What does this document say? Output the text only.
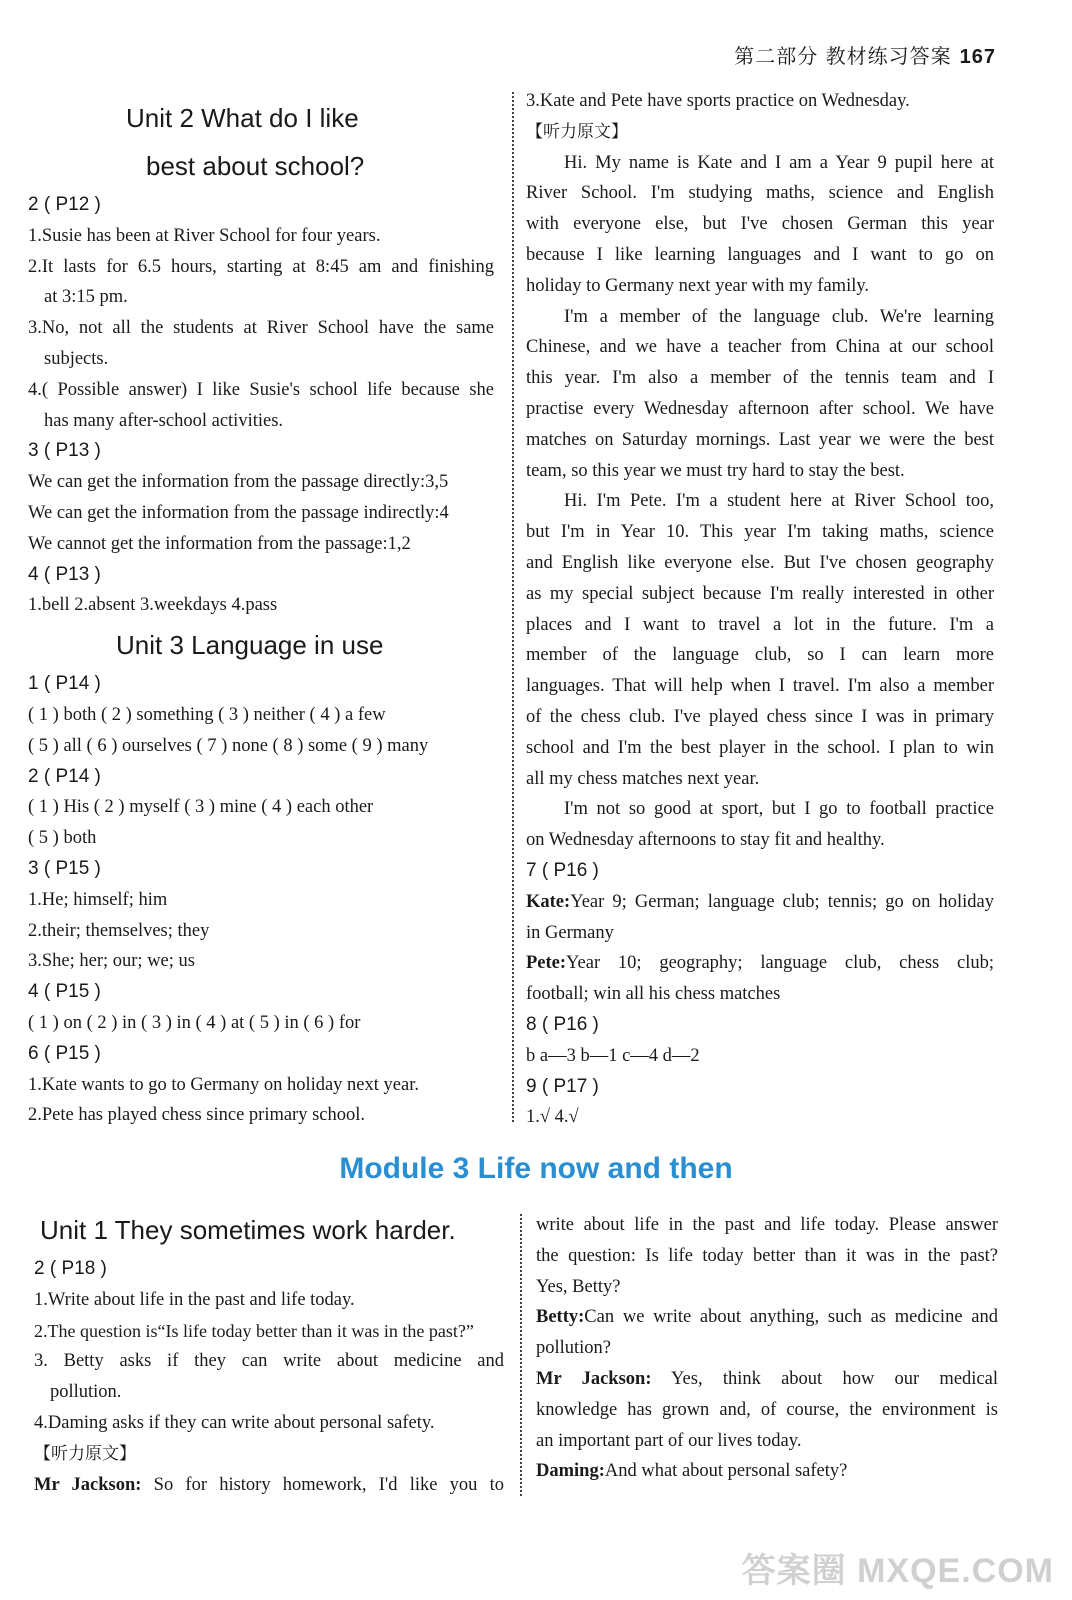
第二部分 教材练习答案 167
Unit 2 What do I like
best about school?
2 ( P12 )
1.Susie has been at River School for four years.
2.It lasts for 6.5 hours, starting at 8:45 am and finishing
at 3:15 pm.
3.No, not all the students at River School have the same
subjects.
4.( Possible answer) I like Susie's school life because she
has many after-school activities.
3 ( P13 )
We can get the information from the passage directly:3,5
We can get the information from the passage indirectly:4
We cannot get the information from the passage:1,2
4 ( P13 )
1.bell 2.absent 3.weekdays 4.pass
Unit 3 Language in use
1 ( P14 )
( 1 ) both ( 2 ) something ( 3 ) neither ( 4 ) a few
( 5 ) all ( 6 ) ourselves ( 7 ) none ( 8 ) some ( 9 ) many
2 ( P14 )
( 1 ) His ( 2 ) myself ( 3 ) mine ( 4 ) each other
( 5 ) both
3 ( P15 )
1.He; himself; him
2.their; themselves; they
3.She; her; our; we; us
4 ( P15 )
( 1 ) on ( 2 ) in ( 3 ) in ( 4 ) at ( 5 ) in ( 6 ) for
6 ( P15 )
1.Kate wants to go to Germany on holiday next year.
2.Pete has played chess since primary school.
3.Kate and Pete have sports practice on Wednesday.
【听力原文】
Hi. My name is Kate and I am a Year 9 pupil here at
River School. I'm studying maths, science and English
with everyone else, but I've chosen German this year
because I like learning languages and I want to go on
holiday to Germany next year with my family.
I'm a member of the language club. We're learning
Chinese, and we have a teacher from China at our school
this year. I'm also a member of the tennis team and I
practise every Wednesday afternoon after school. We have
matches on Saturday mornings. Last year we were the best
team, so this year we must try hard to stay the best.
Hi. I'm Pete. I'm a student here at River School too,
but I'm in Year 10. This year I'm taking maths, science
and English like everyone else. But I've chosen geography
as my special subject because I'm really interested in other
places and I want to travel a lot in the future. I'm a
member of the language club, so I can learn more
languages. That will help when I travel. I'm also a member
of the chess club. I've played chess since I was in primary
school and I'm the best player in the school. I plan to win
all my chess matches next year.
I'm not so good at sport, but I go to football practice
on Wednesday afternoons to stay fit and healthy.
7 ( P16 )
Kate:Year 9; German; language club; tennis; go on holiday
in Germany
Pete:Year 10; geography; language club, chess club;
football; win all his chess matches
8 ( P16 )
b a—3 b—1 c—4 d—2
9 ( P17 )
1.√ 4.√
Module 3 Life now and then
Unit 1 They sometimes work harder.
2 ( P18 )
1.Write about life in the past and life today.
2.The question is“Is life today better than it was in the past?”
3. Betty asks if they can write about medicine and
pollution.
4.Daming asks if they can write about personal safety.
【听力原文】
Mr Jackson: So for history homework, I'd like you to
write about life in the past and life today. Please answer
the question: Is life today better than it was in the past?
Yes, Betty?
Betty:Can we write about anything, such as medicine and
pollution?
Mr Jackson: Yes, think about how our medical
knowledge has grown and, of course, the environment is
an important part of our lives today.
Daming:And what about personal safety?
答案圈 MXQE.COM
